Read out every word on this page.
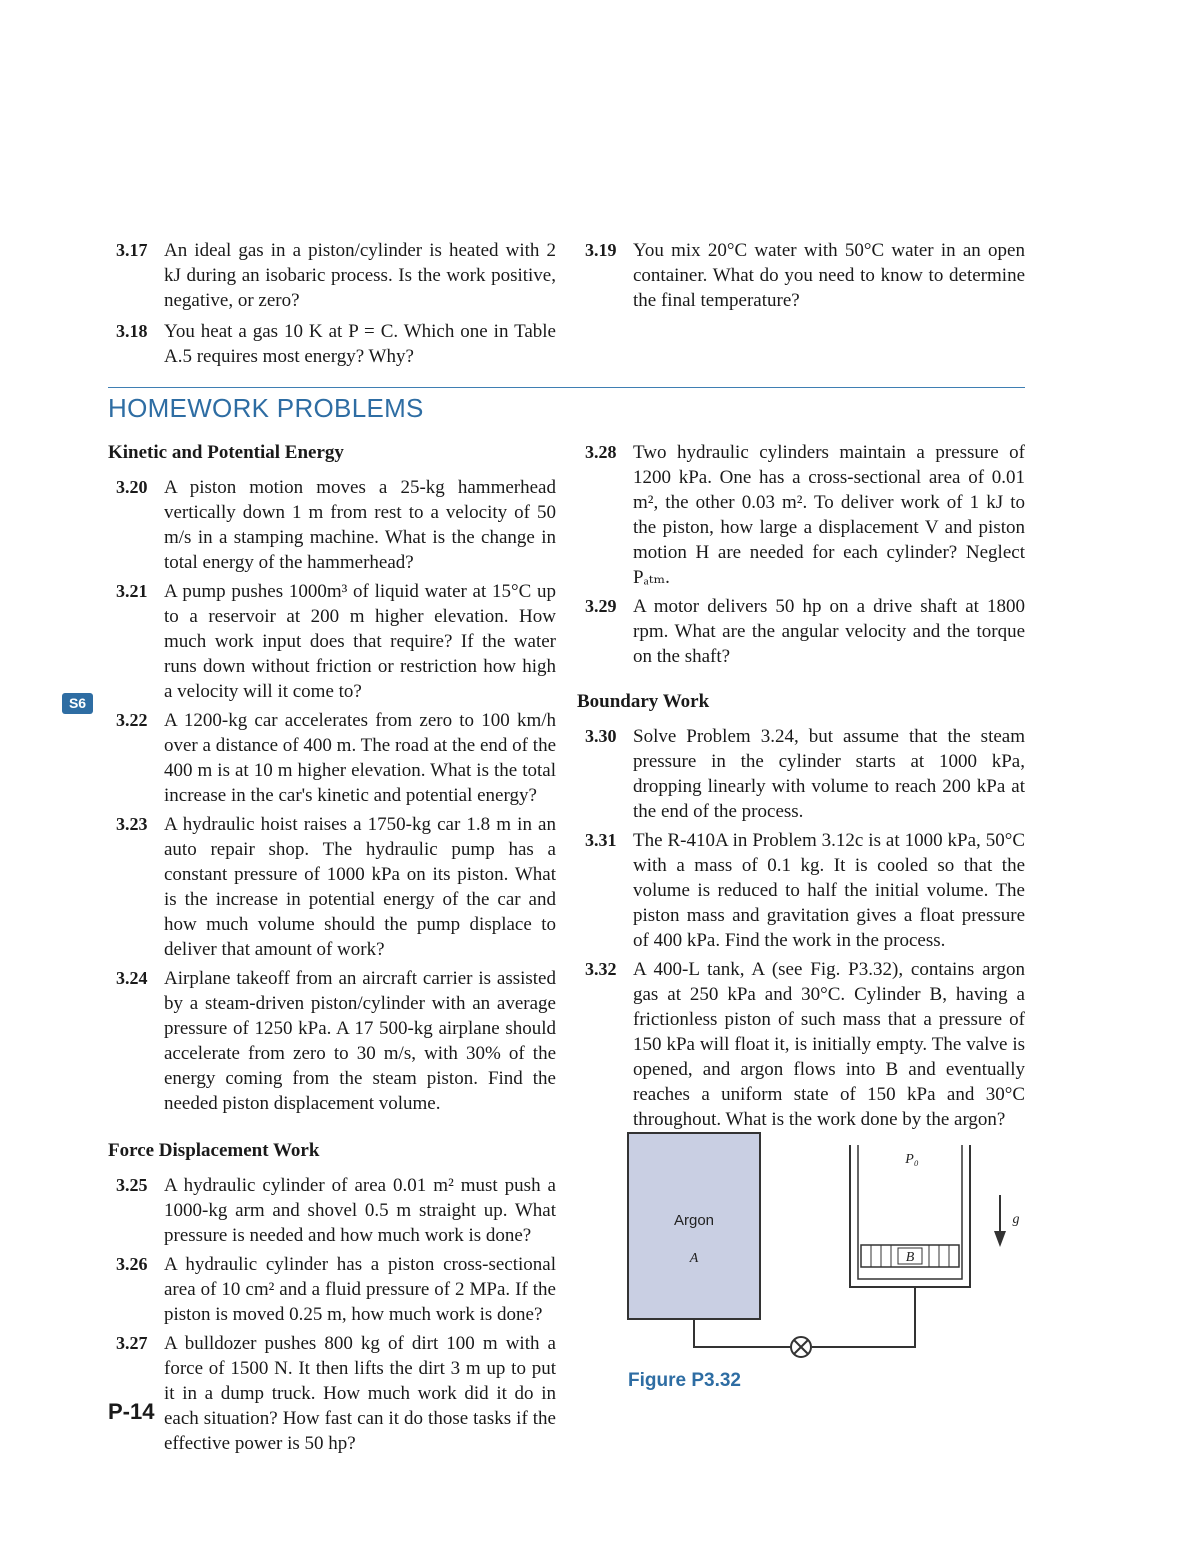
3.17 An ideal gas in a piston/cylinder is heated with 2 kJ during an isobaric process. Is the work positive, negative, or zero?
3.18 You heat a gas 10 K at P = C. Which one in Table A.5 requires most energy? Why?
3.19 You mix 20°C water with 50°C water in an open container. What do you need to know to determine the final temperature?
HOMEWORK PROBLEMS
S6
Kinetic and Potential Energy
3.20 A piston motion moves a 25-kg hammerhead vertically down 1 m from rest to a velocity of 50 m/s in a stamping machine. What is the change in total energy of the hammerhead?
3.21 A pump pushes 1000m³ of liquid water at 15°C up to a reservoir at 200 m higher elevation. How much work input does that require? If the water runs down without friction or restriction how high a velocity will it come to?
3.22 A 1200-kg car accelerates from zero to 100 km/h over a distance of 400 m. The road at the end of the 400 m is at 10 m higher elevation. What is the total increase in the car's kinetic and potential energy?
3.23 A hydraulic hoist raises a 1750-kg car 1.8 m in an auto repair shop. The hydraulic pump has a constant pressure of 1000 kPa on its piston. What is the increase in potential energy of the car and how much volume should the pump displace to deliver that amount of work?
3.24 Airplane takeoff from an aircraft carrier is assisted by a steam-driven piston/cylinder with an average pressure of 1250 kPa. A 17 500-kg airplane should accelerate from zero to 30 m/s, with 30% of the energy coming from the steam piston. Find the needed piston displacement volume.
Force Displacement Work
3.25 A hydraulic cylinder of area 0.01 m² must push a 1000-kg arm and shovel 0.5 m straight up. What pressure is needed and how much work is done?
3.26 A hydraulic cylinder has a piston cross-sectional area of 10 cm² and a fluid pressure of 2 MPa. If the piston is moved 0.25 m, how much work is done?
3.27 A bulldozer pushes 800 kg of dirt 100 m with a force of 1500 N. It then lifts the dirt 3 m up to put it in a dump truck. How much work did it do in each situation? How fast can it do those tasks if the effective power is 50 hp?
3.28 Two hydraulic cylinders maintain a pressure of 1200 kPa. One has a cross-sectional area of 0.01 m², the other 0.03 m². To deliver work of 1 kJ to the piston, how large a displacement V and piston motion H are needed for each cylinder? Neglect Pₐₜₘ.
3.29 A motor delivers 50 hp on a drive shaft at 1800 rpm. What are the angular velocity and the torque on the shaft?
Boundary Work
3.30 Solve Problem 3.24, but assume that the steam pressure in the cylinder starts at 1000 kPa, dropping linearly with volume to reach 200 kPa at the end of the process.
3.31 The R-410A in Problem 3.12c is at 1000 kPa, 50°C with a mass of 0.1 kg. It is cooled so that the volume is reduced to half the initial volume. The piston mass and gravitation gives a float pressure of 400 kPa. Find the work in the process.
3.32 A 400-L tank, A (see Fig. P3.32), contains argon gas at 250 kPa and 30°C. Cylinder B, having a frictionless piston of such mass that a pressure of 150 kPa will float it, is initially empty. The valve is opened, and argon flows into B and eventually reaches a uniform state of 150 kPa and 30°C throughout. What is the work done by the argon?
Argon
A
P₀
B
g
Figure P3.32
P-14
